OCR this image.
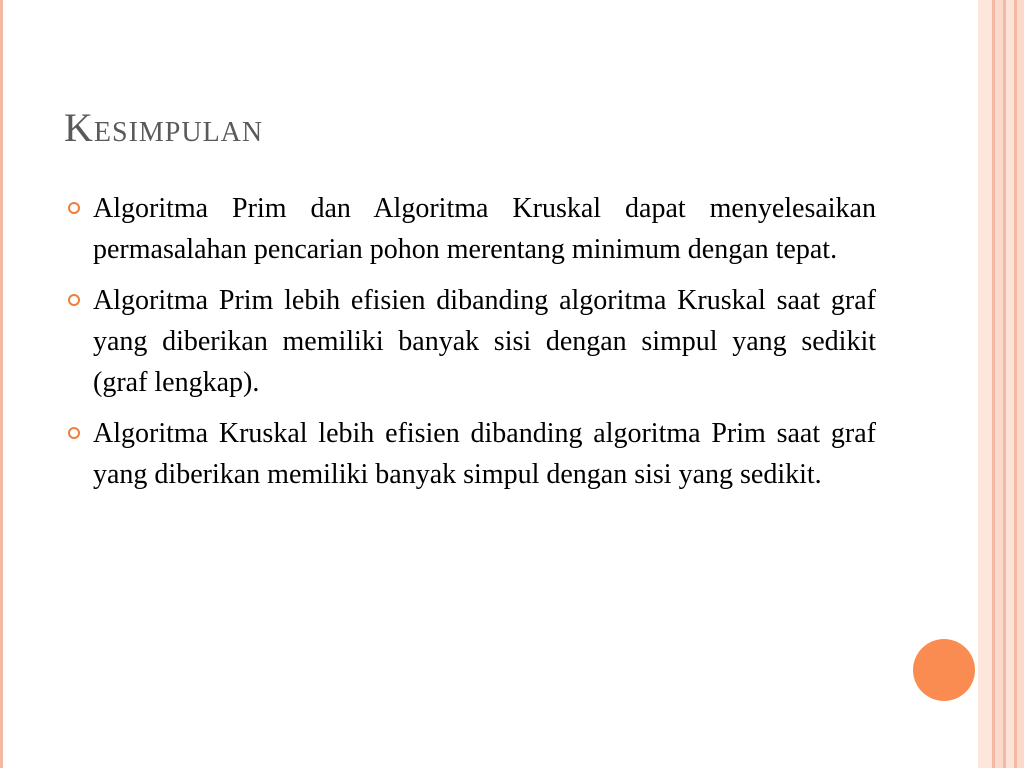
Kesimpulan
Algoritma Prim dan Algoritma Kruskal dapat menyelesaikan permasalahan pencarian pohon merentang minimum dengan tepat.
Algoritma Prim lebih efisien dibanding algoritma Kruskal saat graf yang diberikan memiliki banyak sisi dengan simpul yang sedikit (graf lengkap).
Algoritma Kruskal lebih efisien dibanding algoritma Prim saat graf yang diberikan memiliki banyak simpul dengan sisi yang sedikit.
